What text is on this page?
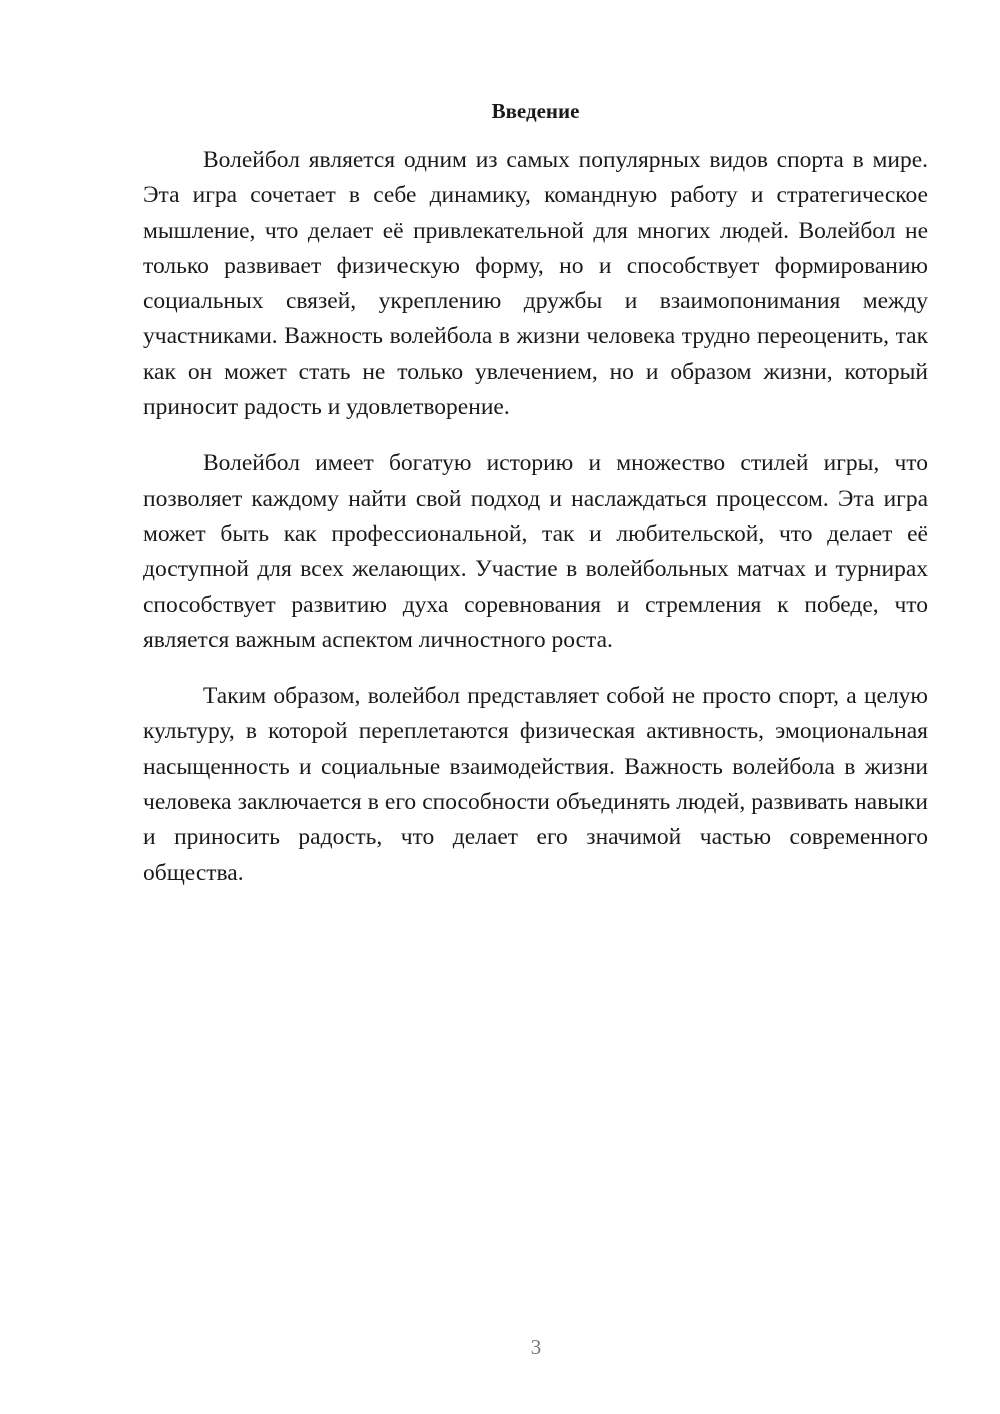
Введение

Волейбол является одним из самых популярных видов спорта в мире. Эта игра сочетает в себе динамику, командную работу и стратегическое мышление, что делает её привлекательной для многих людей. Волейбол не только развивает физическую форму, но и способствует формированию социальных связей, укреплению дружбы и взаимопонимания между участниками. Важность волейбола в жизни человека трудно переоценить, так как он может стать не только увлечением, но и образом жизни, который приносит радость и удовлетворение.

Волейбол имеет богатую историю и множество стилей игры, что позволяет каждому найти свой подход и наслаждаться процессом. Эта игра может быть как профессиональной, так и любительской, что делает её доступной для всех желающих. Участие в волейбольных матчах и турнирах способствует развитию духа соревнования и стремления к победе, что является важным аспектом личностного роста.

Таким образом, волейбол представляет собой не просто спорт, а целую культуру, в которой переплетаются физическая активность, эмоциональная насыщенность и социальные взаимодействия. Важность волейбола в жизни человека заключается в его способности объединять людей, развивать навыки и приносить радость, что делает его значимой частью современного общества.

3
